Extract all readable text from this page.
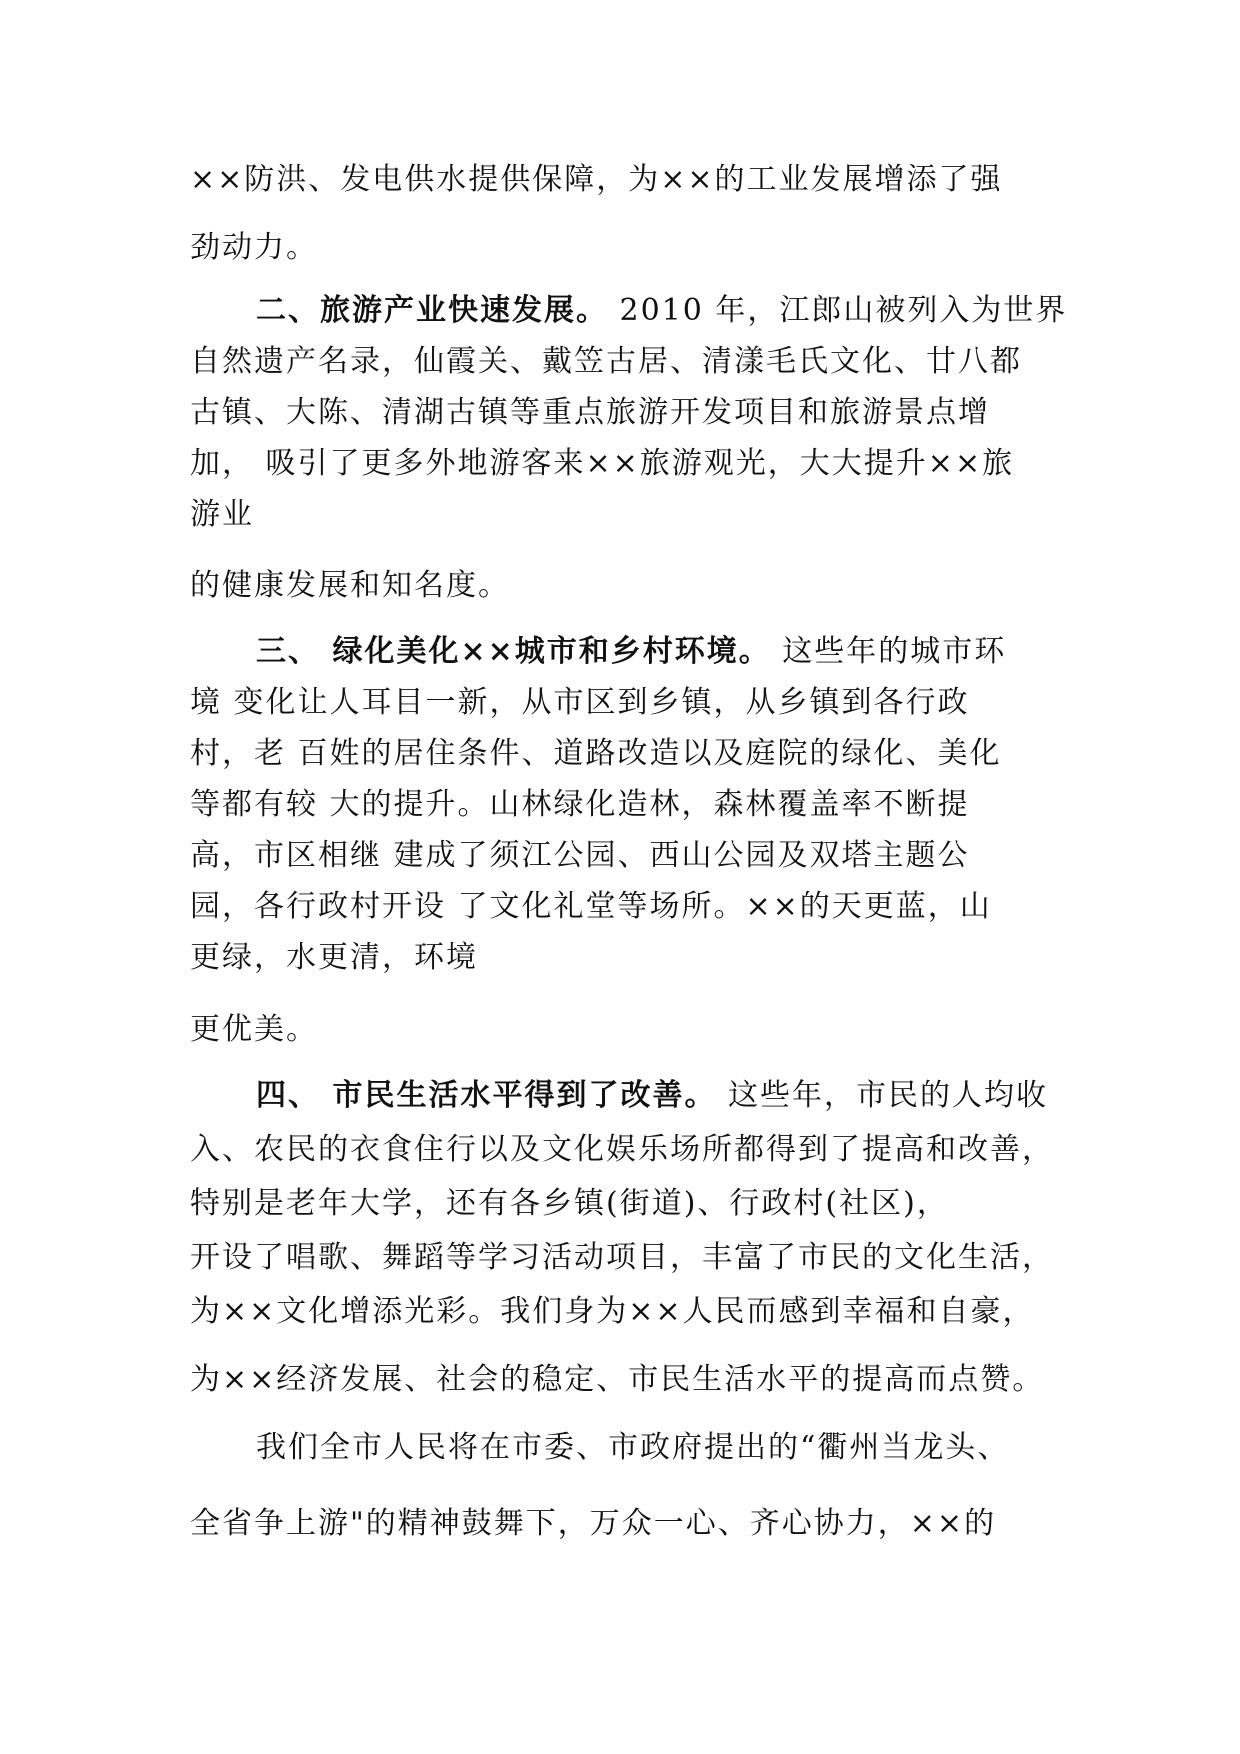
××防洪、发电供水提供保障，为××的工业发展增添了强
劲动力。
二、旅游产业快速发展。 2010 年，江郎山被列入为世界
自然遗产名录，仙霞关、戴笠古居、清漾毛氏文化、廿八都
古镇、大陈、清湖古镇等重点旅游开发项目和旅游景点增
加， 吸引了更多外地游客来××旅游观光，大大提升××旅
游业
的健康发展和知名度。
三、 绿化美化××城市和乡村环境。 这些年的城市环
境 变化让人耳目一新，从市区到乡镇，从乡镇到各行政
村，老 百姓的居住条件、道路改造以及庭院的绿化、美化
等都有较 大的提升。山林绿化造林，森林覆盖率不断提
高，市区相继 建成了须江公园、西山公园及双塔主题公
园，各行政村开设 了文化礼堂等场所。××的天更蓝，山
更绿，水更清，环境
更优美。
四、 市民生活水平得到了改善。 这些年，市民的人均收
入、农民的衣食住行以及文化娱乐场所都得到了提高和改善，
特别是老年大学，还有各乡镇(街道)、行政村(社区)，
开设了唱歌、舞蹈等学习活动项目，丰富了市民的文化生活，
为××文化增添光彩。我们身为××人民而感到幸福和自豪，
为××经济发展、社会的稳定、市民生活水平的提高而点赞。
我们全市人民将在市委、市政府提出的“衢州当龙头、
全省争上游"的精神鼓舞下，万众一心、齐心协力，××的
